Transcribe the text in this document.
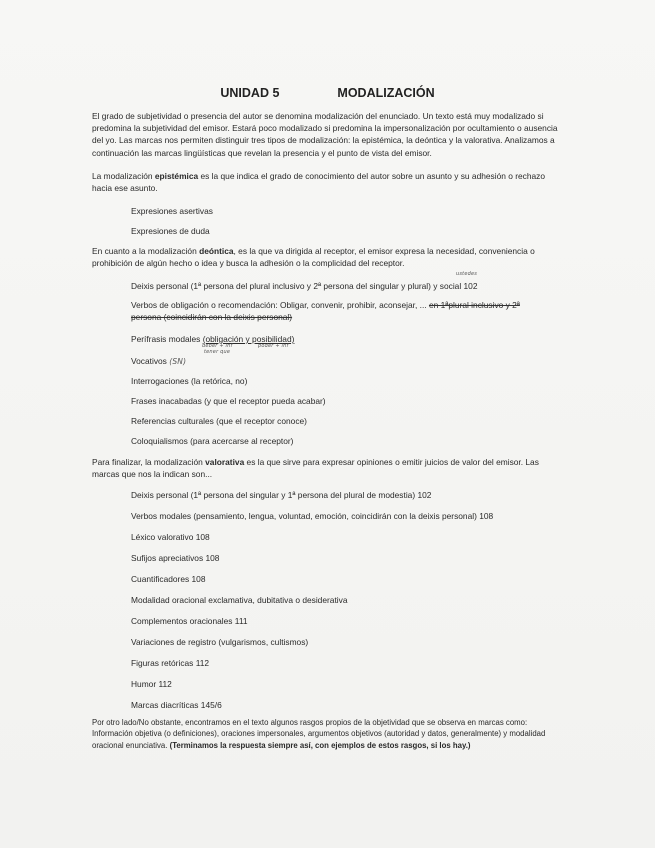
UNIDAD 5	MODALIZACIÓN

El grado de subjetividad o presencia del autor se denomina modalización del enunciado. Un texto está muy modalizado si predomina la subjetividad del emisor. Estará poco modalizado si predomina la impersonalización por ocultamiento o ausencia del yo. Las marcas nos permiten distinguir tres tipos de modalización: la epistémica, la deóntica y la valorativa. Analizamos a continuación las marcas lingüísticas que revelan la presencia y el punto de vista del emisor.

La modalización epistémica es la que indica el grado de conocimiento del autor sobre un asunto y su adhesión o rechazo hacia ese asunto.

Expresiones asertivas
Expresiones de duda

En cuanto a la modalización deóntica, es la que va dirigida al receptor, el emisor expresa la necesidad, conveniencia o prohibición de algún hecho o idea y busca la adhesión o la complicidad del receptor.

ustedes
Deixis personal (1ª persona del plural inclusivo y 2ª persona del singular y plural) y social 102
Verbos de obligación o recomendación: Obligar, convenir, prohibir, aconsejar, ... en 1ªplural inclusivo y 2ª
persona (coincidirán con la deixis personal)
Perífrasis modales (obligación y posibilidad)
deber + inf	poder + inf
tener que
Vocativos (SN)
Interrogaciones (la retórica, no)
Frases inacabadas (y que el receptor pueda acabar)
Referencias culturales (que el receptor conoce)
Coloquialismos (para acercarse al receptor)

Para finalizar, la modalización valorativa es la que sirve para expresar opiniones o emitir juicios de valor del emisor. Las marcas que nos la indican son...

Deixis personal (1ª persona del singular y 1ª persona del plural de modestia) 102
Verbos modales (pensamiento, lengua, voluntad, emoción, coincidirán con la deixis personal) 108
Léxico valorativo 108
Sufijos apreciativos 108
Cuantificadores 108
Modalidad oracional exclamativa, dubitativa o desiderativa
Complementos oracionales 111
Variaciones de registro (vulgarismos, cultismos)
Figuras retóricas 112
Humor 112
Marcas diacríticas 145/6

Por otro lado/No obstante, encontramos en el texto algunos rasgos propios de la objetividad que se observa en marcas como: Información objetiva (o definiciones), oraciones impersonales, argumentos objetivos (autoridad y datos, generalmente) y modalidad oracional enunciativa. (Terminamos la respuesta siempre así, con ejemplos de estos rasgos, si los hay.)
